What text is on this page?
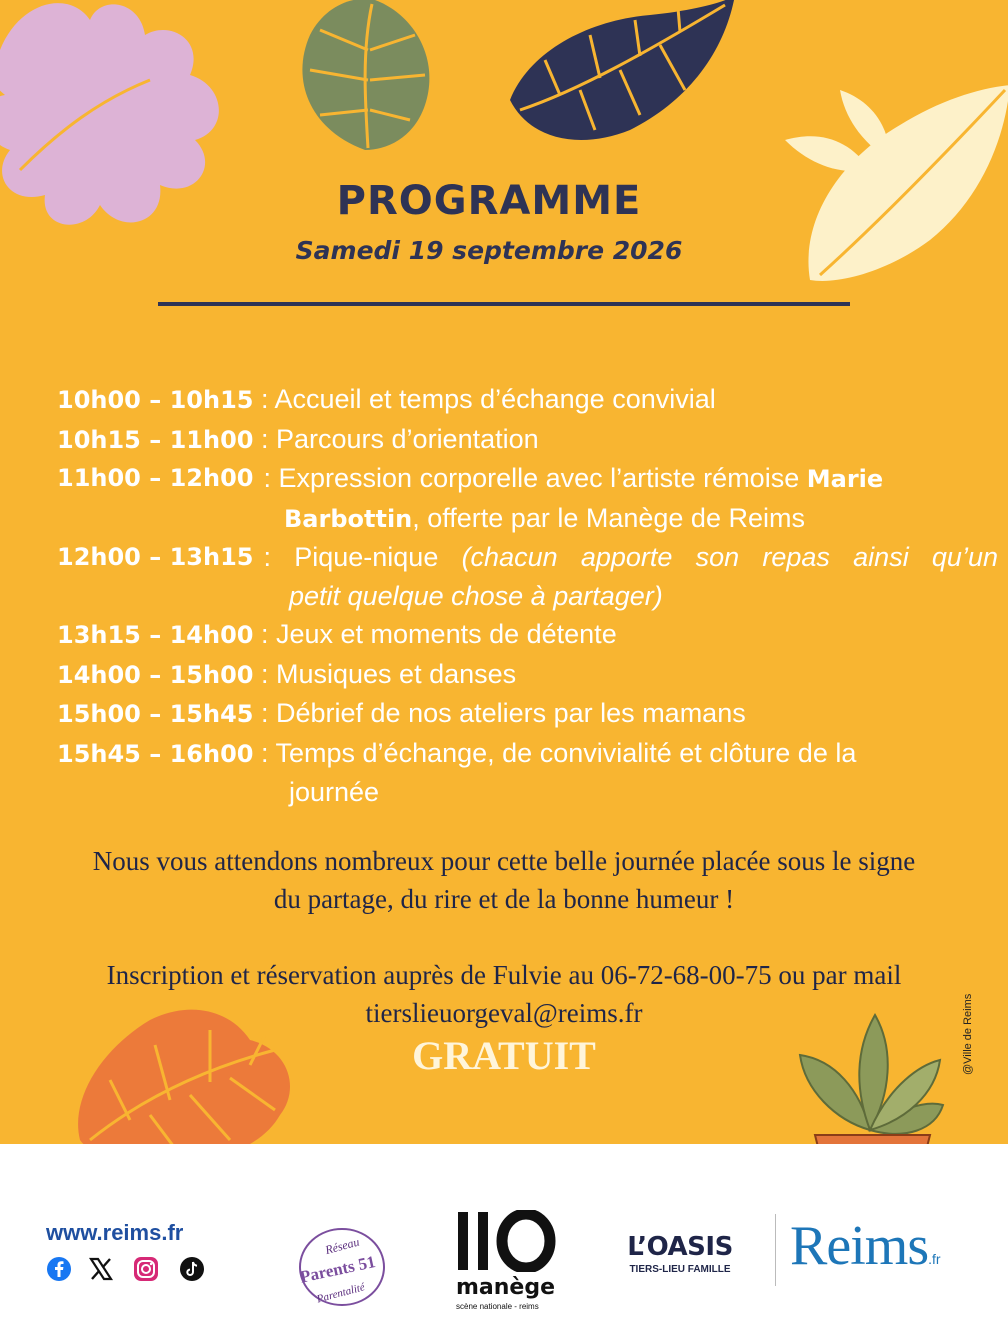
PROGRAMME
Samedi 19 septembre 2026
10h00 – 10h15 : Accueil et temps d’échange convivial
10h15 – 11h00 : Parcours d’orientation
11h00 – 12h00 : Expression corporelle avec l’artiste rémoise Marie
Barbottin, offerte par le Manège de Reims
12h00 – 13h15 : Pique-nique (chacun apporte son repas ainsi qu’un
petit quelque chose à partager)
13h15 – 14h00 : Jeux et moments de détente
14h00 – 15h00 : Musiques et danses
15h00 – 15h45 : Débrief de nos ateliers par les mamans
15h45 – 16h00 : Temps d’échange, de convivialité et clôture de la
journée
Nous vous attendons nombreux pour cette belle journée placée sous le signe
du partage, du rire et de la bonne humeur !
Inscription et réservation auprès de Fulvie au 06-72-68-00-75 ou par mail
tierslieuorgeval@reims.fr
GRATUIT	@Ville de Reims
www.reims.fr
Réseau
Parents 51
Parentalité	manège
scène nationale - reims
L’OASIS
TIERS-LIEU FAMILLE	Reims.fr
